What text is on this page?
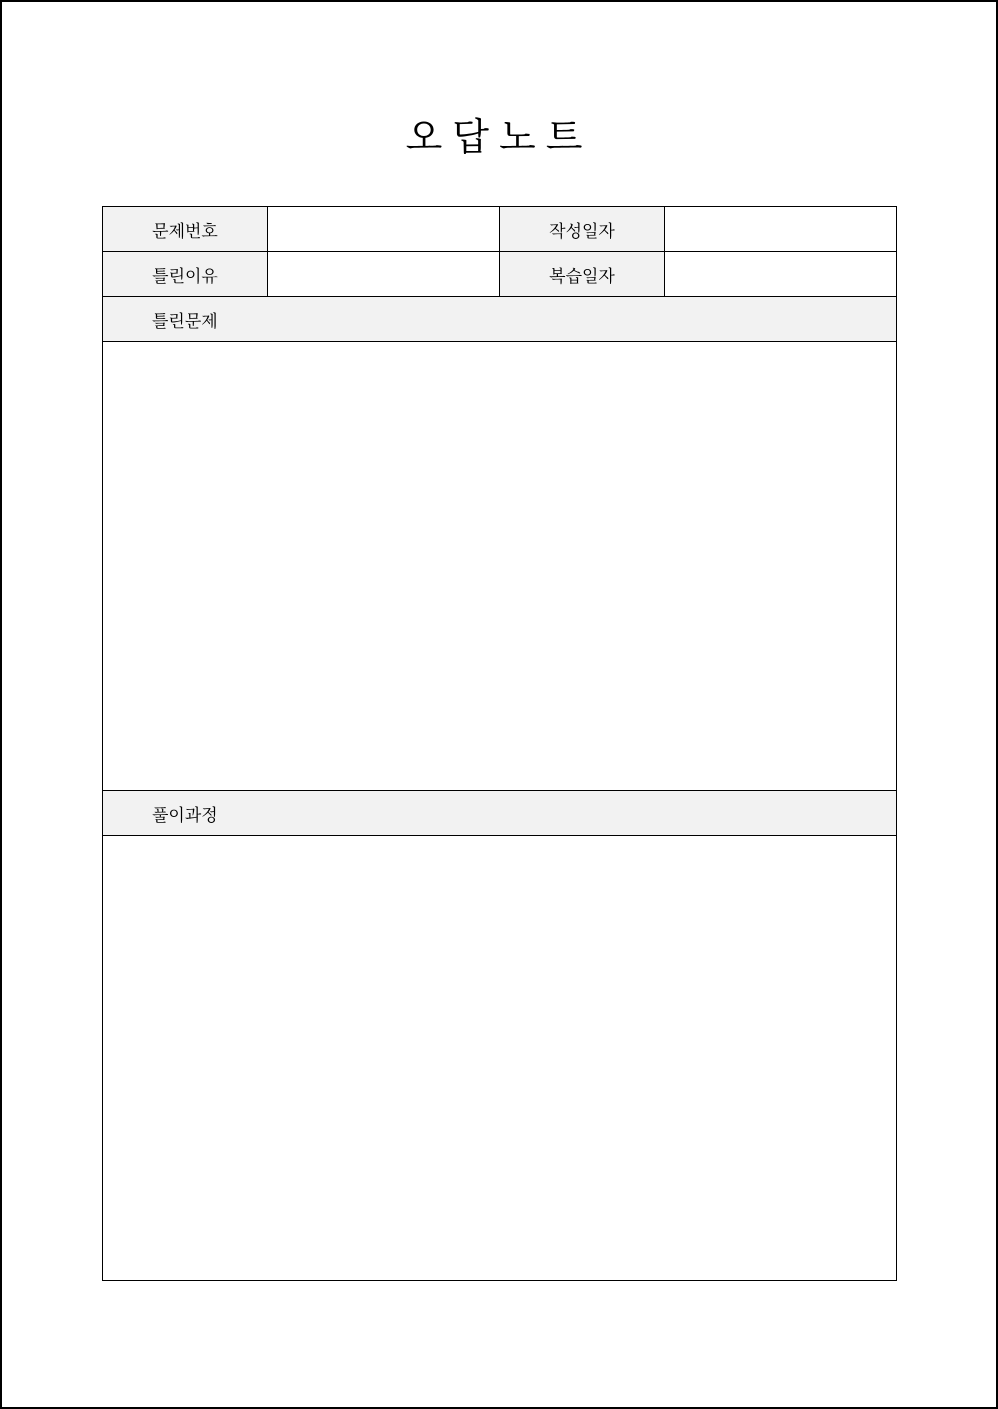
오답노트
문제번호		작성일자	
틀린이유		복습일자	
틀린문제			

풀이과정			
